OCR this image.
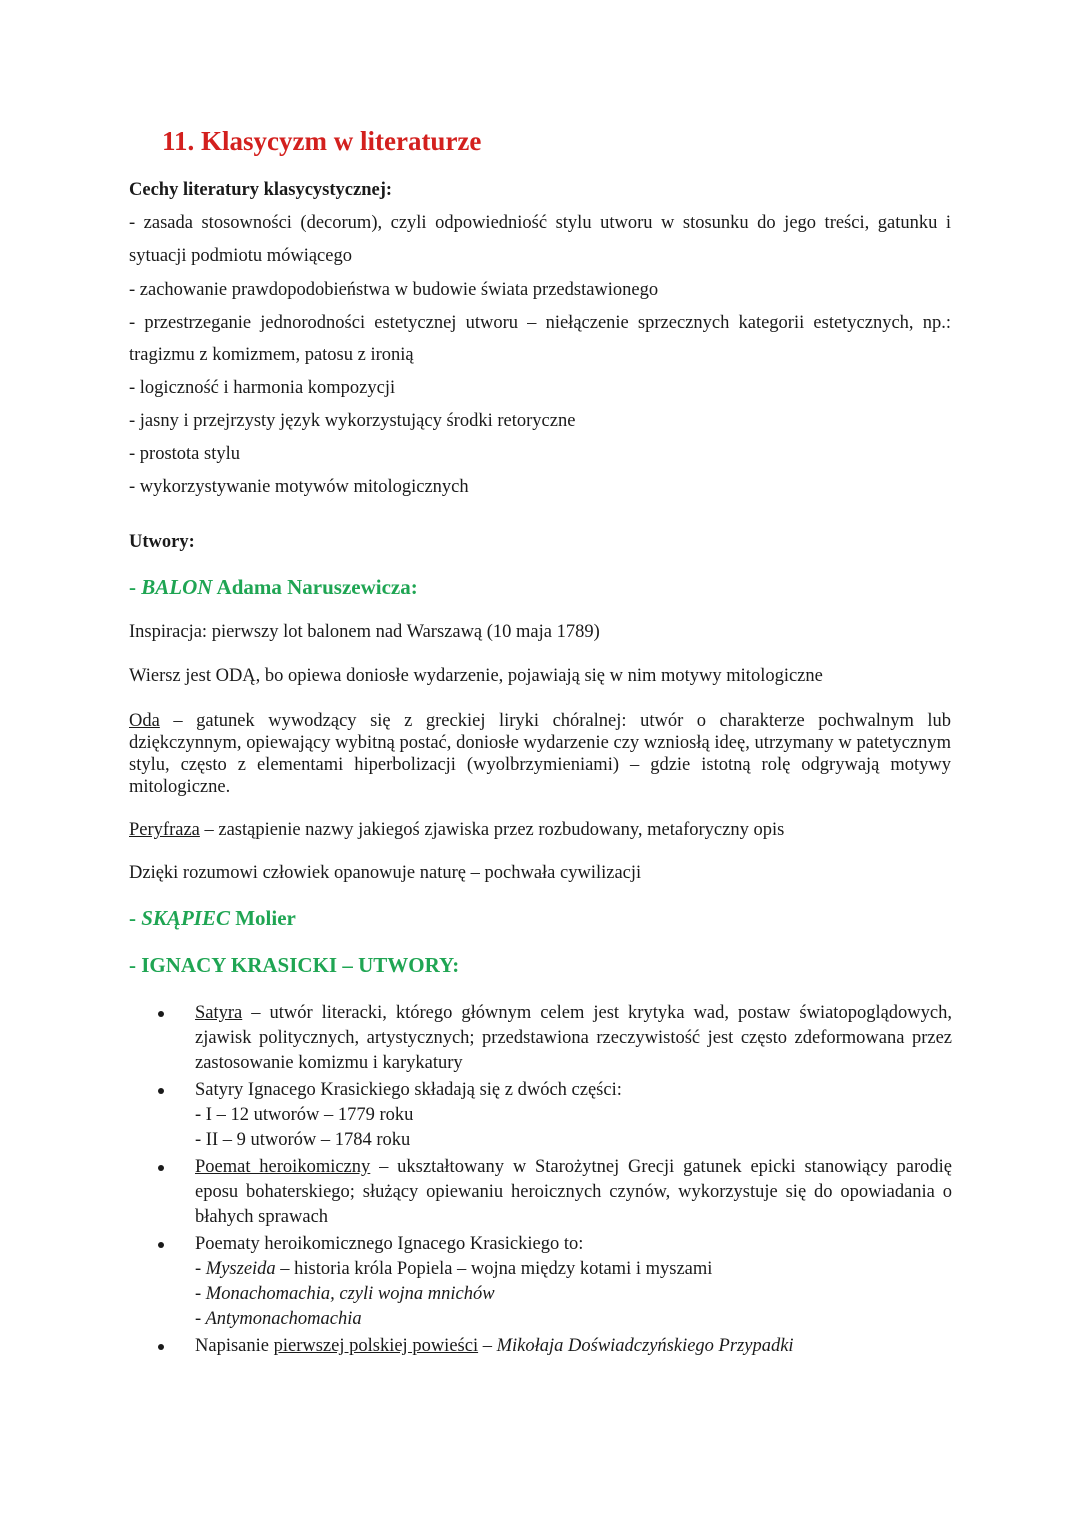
11. Klasycyzm w literaturze

Cechy literatury klasycystycznej:

- zasada stosowności (decorum), czyli odpowiedniość stylu utworu w stosunku do jego treści, gatunku i

sytuacji podmiotu mówiącego

- zachowanie prawdopodobieństwa w budowie świata przedstawionego

- przestrzeganie jednorodności estetycznej utworu – niełączenie sprzecznych kategorii estetycznych, np.:

tragizmu z komizmem, patosu z ironią

- logiczność i harmonia kompozycji

- jasny i przejrzysty język wykorzystujący środki retoryczne

- prostota stylu

- wykorzystywanie motywów mitologicznych

Utwory:

- BALON Adama Naruszewicza:

Inspiracja: pierwszy lot balonem nad Warszawą (10 maja 1789)

Wiersz jest ODĄ, bo opiewa doniosłe wydarzenie, pojawiają się w nim motywy mitologiczne

Oda – gatunek wywodzący się z greckiej liryki chóralnej: utwór o charakterze pochwalnym lub dziękczynnym, opiewający wybitną postać, doniosłe wydarzenie czy wzniosłą ideę, utrzymany w patetycznym stylu, często z elementami hiperbolizacji (wyolbrzymieniami) – gdzie istotną rolę odgrywają motywy mitologiczne.

Peryfraza – zastąpienie nazwy jakiegoś zjawiska przez rozbudowany, metaforyczny opis

Dzięki rozumowi człowiek opanowuje naturę – pochwała cywilizacji

- SKĄPIEC Molier

- IGNACY KRASICKI – UTWORY:

Satyra – utwór literacki, którego głównym celem jest krytyka wad, postaw światopoglądowych, zjawisk politycznych, artystycznych; przedstawiona rzeczywistość jest często zdeformowana przez zastosowanie komizmu i karykatury
Satyry Ignacego Krasickiego składają się z dwóch części:
- I – 12 utworów – 1779 roku
- II – 9 utworów – 1784 roku
Poemat heroikomiczny – ukształtowany w Starożytnej Grecji gatunek epicki stanowiący parodię eposu bohaterskiego; służący opiewaniu heroicznych czynów, wykorzystuje się do opowiadania o błahych sprawach
Poematy heroikomicznego Ignacego Krasickiego to:
- Myszeida – historia króla Popiela – wojna między kotami i myszami
- Monachomachia, czyli wojna mnichów
- Antymonachomachia
Napisanie pierwszej polskiej powieści – Mikołaja Doświadczyńskiego Przypadki
